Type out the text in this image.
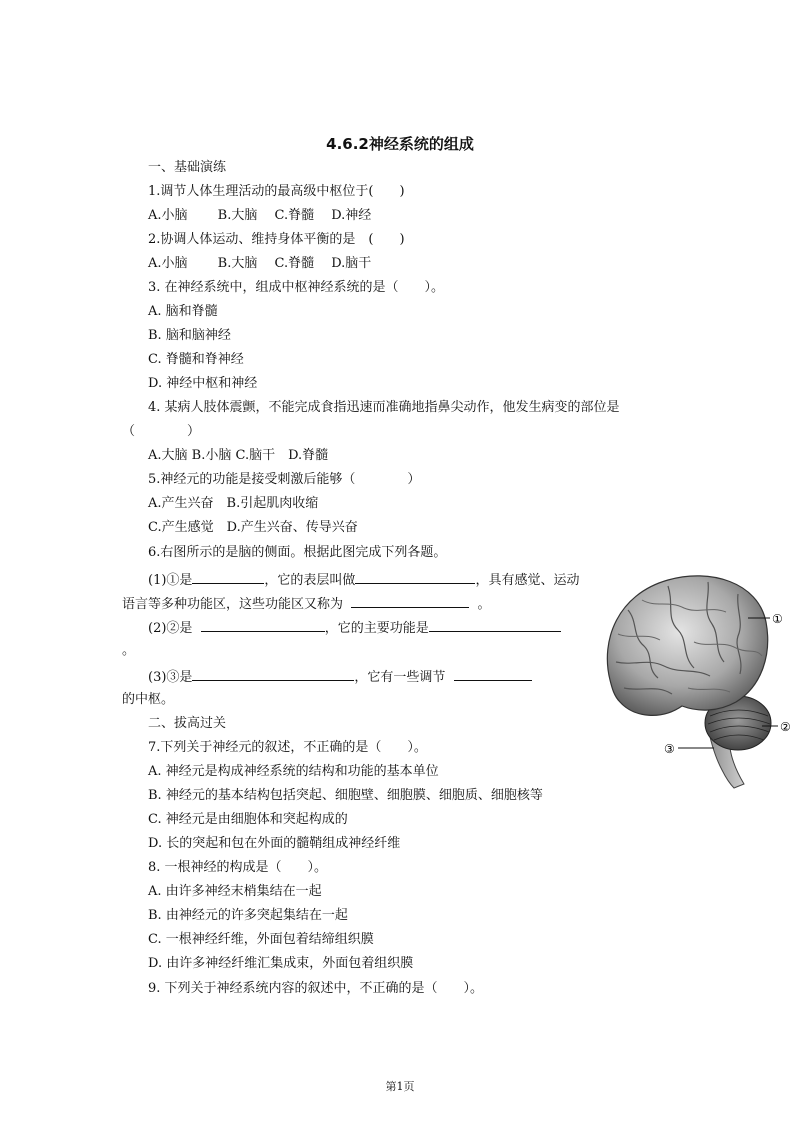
4.6.2神经系统的组成
一、基础演练
1.调节人体生理活动的最高级中枢位于(　　)
A.小脑　　 B.大脑　 C.脊髓　 D.神经
2.协调人体运动、维持身体平衡的是　(　　)
A.小脑　　 B.大脑　 C.脊髓　 D.脑干
3. 在神经系统中，组成中枢神经系统的是（　　）。
A. 脑和脊髓
B. 脑和脑神经
C. 脊髓和脊神经
D. 神经中枢和神经
4. 某病人肢体震颤，不能完成食指迅速而准确地指鼻尖动作，他发生病变的部位是
（　　　　）
A.大脑 B.小脑 C.脑干　D.脊髓
5.神经元的功能是接受刺激后能够（　　　　）
A.产生兴奋　B.引起肌肉收缩
C.产生感觉　D.产生兴奋、传导兴奋
6.右图所示的是脑的侧面。根据此图完成下列各题。
(1)①是	，它的表层叫做	，具有感觉、运动
语言等多种功能区，这些功能区又称为	。
(2)②是	，它的主要功能是
。
(3)③是	，它有一些调节
的中枢。
二、拔高过关
7.下列关于神经元的叙述，不正确的是（　　）。
A. 神经元是构成神经系统的结构和功能的基本单位
B. 神经元的基本结构包括突起、细胞壁、细胞膜、细胞质、细胞核等
C. 神经元是由细胞体和突起构成的
D. 长的突起和包在外面的髓鞘组成神经纤维
8. 一根神经的构成是（　　）。
A. 由许多神经末梢集结在一起
B. 由神经元的许多突起集结在一起
C. 一根神经纤维，外面包着结缔组织膜
D. 由许多神经纤维汇集成束，外面包着组织膜
9. 下列关于神经系统内容的叙述中，不正确的是（　　）。
①
②
③
第1页
